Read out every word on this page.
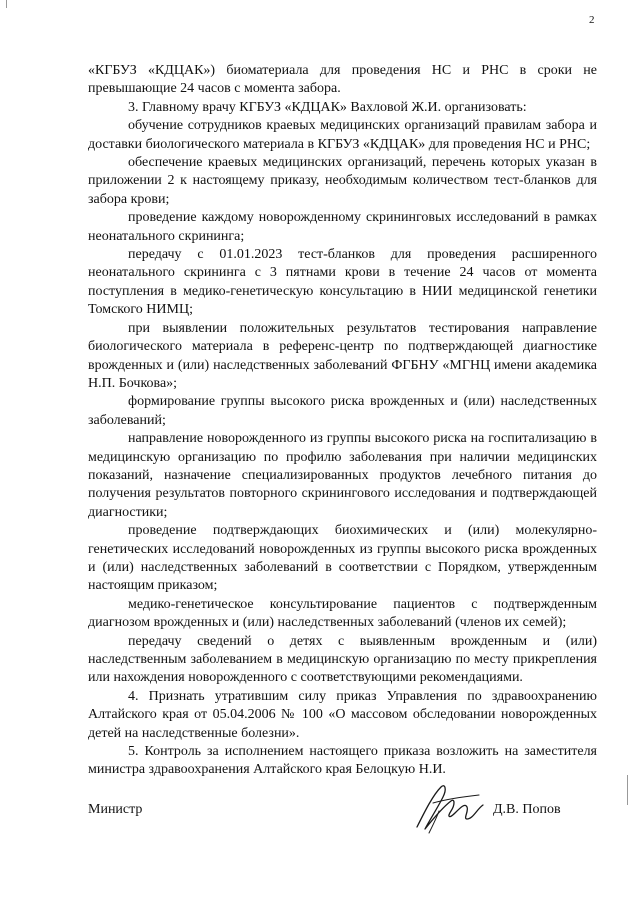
2

«КГБУЗ «КДЦАК») биоматериала для проведения НС и РНС в сроки не превышающие 24 часов с момента забора.

3. Главному врачу КГБУЗ «КДЦАК» Вахловой Ж.И. организовать:

обучение сотрудников краевых медицинских организаций правилам забора и доставки биологического материала в КГБУЗ «КДЦАК» для проведения НС и РНС;

обеспечение краевых медицинских организаций, перечень которых указан в приложении 2 к настоящему приказу, необходимым количеством тест-бланков для забора крови;

проведение каждому новорожденному скрининговых исследований в рамках неонатального скрининга;

передачу с 01.01.2023 тест-бланков для проведения расширенного неонатального скрининга с 3 пятнами крови в течение 24 часов от момента поступления в медико-генетическую консультацию в НИИ медицинской генетики Томского НИМЦ;

при выявлении положительных результатов тестирования направление биологического материала в референс-центр по подтверждающей диагностике врожденных и (или) наследственных заболеваний ФГБНУ «МГНЦ имени академика Н.П. Бочкова»;

формирование группы высокого риска врожденных и (или) наследственных заболеваний;

направление новорожденного из группы высокого риска на госпитализацию в медицинскую организацию по профилю заболевания при наличии медицинских показаний, назначение специализированных продуктов лечебного питания до получения результатов повторного скринингового исследования и подтверждающей диагностики;

проведение подтверждающих биохимических и (или) молекулярно-генетических исследований новорожденных из группы высокого риска врожденных и (или) наследственных заболеваний в соответствии с Порядком, утвержденным настоящим приказом;

медико-генетическое консультирование пациентов с подтвержденным диагнозом врожденных и (или) наследственных заболеваний (членов их семей);

передачу сведений о детях с выявленным врожденным и (или) наследственным заболеванием в медицинскую организацию по месту прикрепления или нахождения новорожденного с соответствующими рекомендациями.

4. Признать утратившим силу приказ Управления по здравоохранению Алтайского края от 05.04.2006 № 100 «О массовом обследовании новорожденных детей на наследственные болезни».

5. Контроль за исполнением настоящего приказа возложить на заместителя министра здравоохранения Алтайского края Белоцкую Н.И.

Министр	Д.В. Попов
